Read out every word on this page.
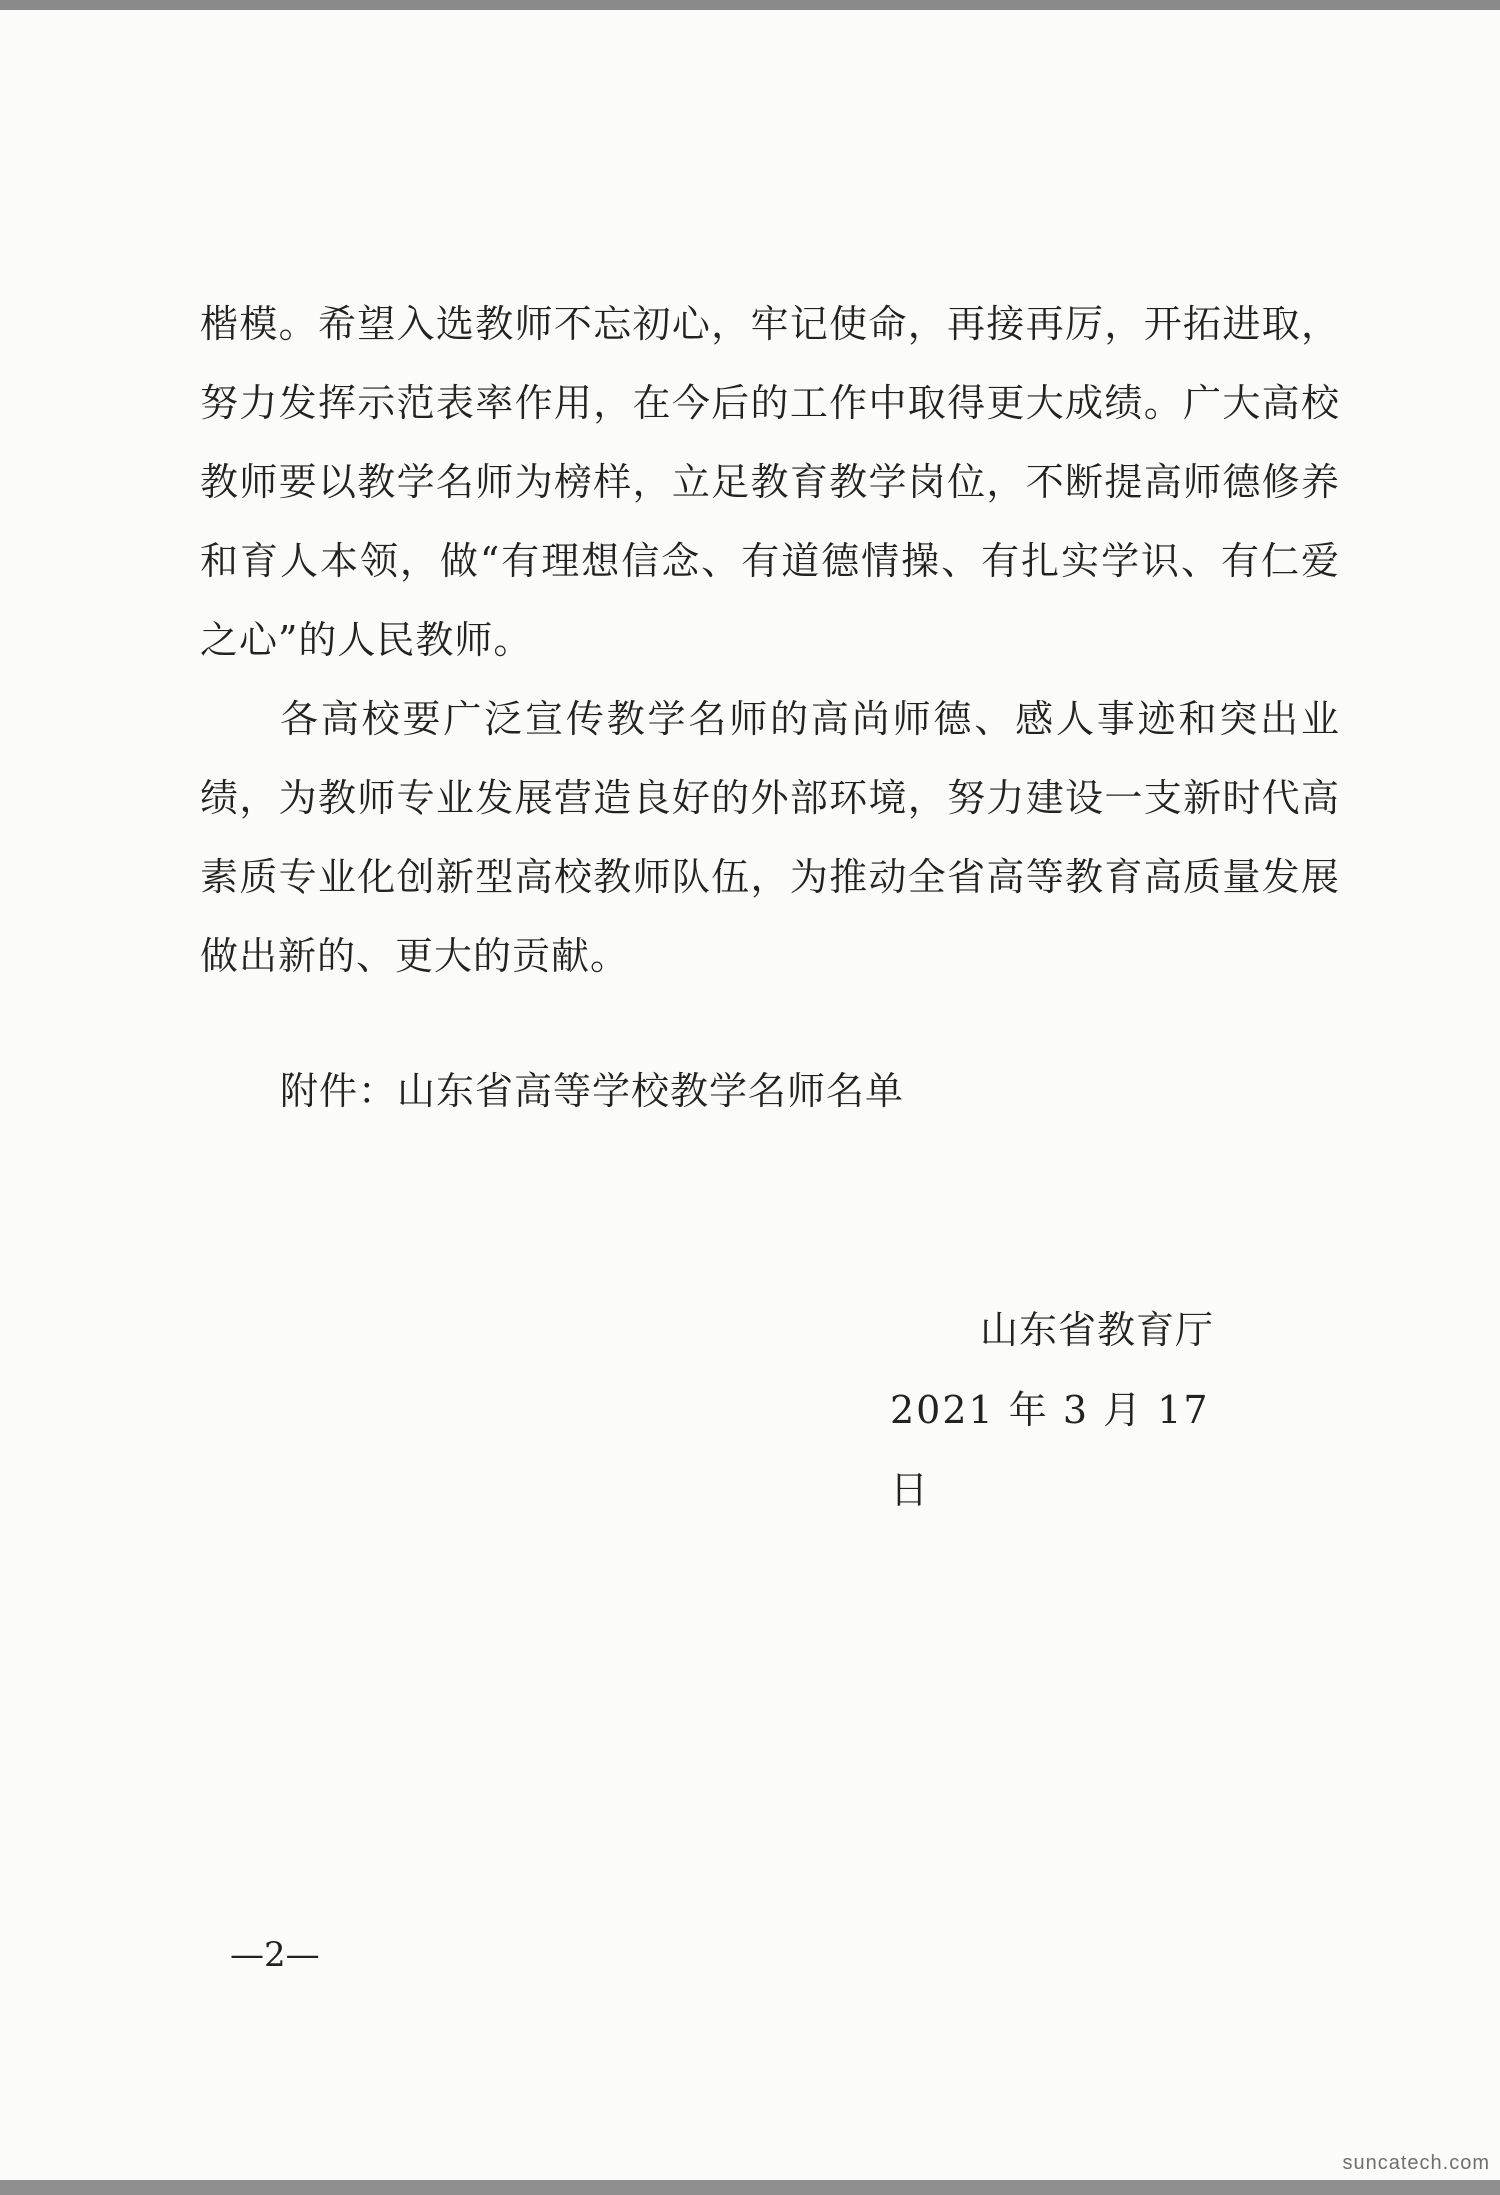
楷模。希望入选教师不忘初心，牢记使命，再接再厉，开拓进取，努力发挥示范表率作用，在今后的工作中取得更大成绩。广大高校教师要以教学名师为榜样，立足教育教学岗位，不断提高师德修养和育人本领，做“有理想信念、有道德情操、有扎实学识、有仁爱之心”的人民教师。

各高校要广泛宣传教学名师的高尚师德、感人事迹和突出业绩，为教师专业发展营造良好的外部环境，努力建设一支新时代高素质专业化创新型高校教师队伍，为推动全省高等教育高质量发展做出新的、更大的贡献。

附件：山东省高等学校教学名师名单
山东省教育厅
2021 年 3 月 17 日
—2—
suncatech.com
